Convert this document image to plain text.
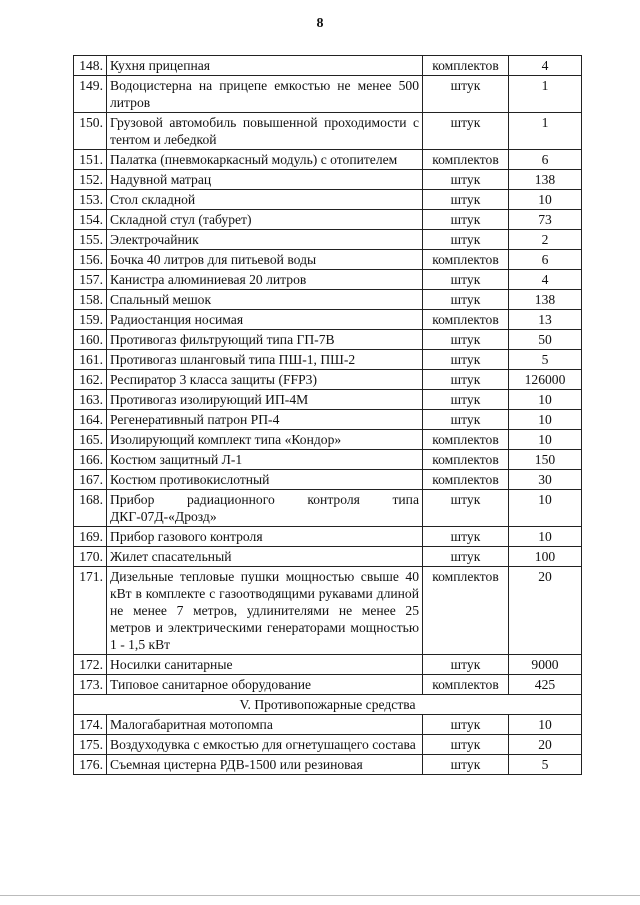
8
148.	Кухня прицепная	комплектов	4
149.	Водоцистерна на прицепе емкостью не менее 500 литров	штук	1
150.	Грузовой автомобиль повышенной проходимости с тентом и лебедкой	штук	1
151.	Палатка (пневмокаркасный модуль) с отопителем	комплектов	6
152.	Надувной матрац	штук	138
153.	Стол складной	штук	10
154.	Складной стул (табурет)	штук	73
155.	Электрочайник	штук	2
156.	Бочка 40 литров для питьевой воды	комплектов	6
157.	Канистра алюминиевая 20 литров	штук	4
158.	Спальный мешок	штук	138
159.	Радиостанция носимая	комплектов	13
160.	Противогаз фильтрующий типа ГП-7В	штук	50
161.	Противогаз шланговый типа ПШ-1, ПШ-2	штук	5
162.	Респиратор 3 класса защиты (FFP3)	штук	126000
163.	Противогаз изолирующий ИП-4М	штук	10
164.	Регенеративный патрон РП-4	штук	10
165.	Изолирующий комплект типа «Кондор»	комплектов	10
166.	Костюм защитный Л-1	комплектов	150
167.	Костюм противокислотный	комплектов	30
168.	Прибор радиационного контроля типа ДКГ-07Д-«Дрозд»	штук	10
169.	Прибор газового контроля	штук	10
170.	Жилет спасательный	штук	100
171.	Дизельные тепловые пушки мощностью свыше 40 кВт в комплекте с газоотводящими рукавами длиной не менее 7 метров, удлинителями не менее 25 метров и электрическими генераторами мощностью 1 - 1,5 кВт	комплектов	20
172.	Носилки санитарные	штук	9000
173.	Типовое санитарное оборудование	комплектов	425
V. Противопожарные средства			
174.	Малогабаритная мотопомпа	штук	10
175.	Воздуходувка с емкостью для огнетушащего состава	штук	20
176.	Съемная цистерна РДВ-1500 или резиновая	штук	5
